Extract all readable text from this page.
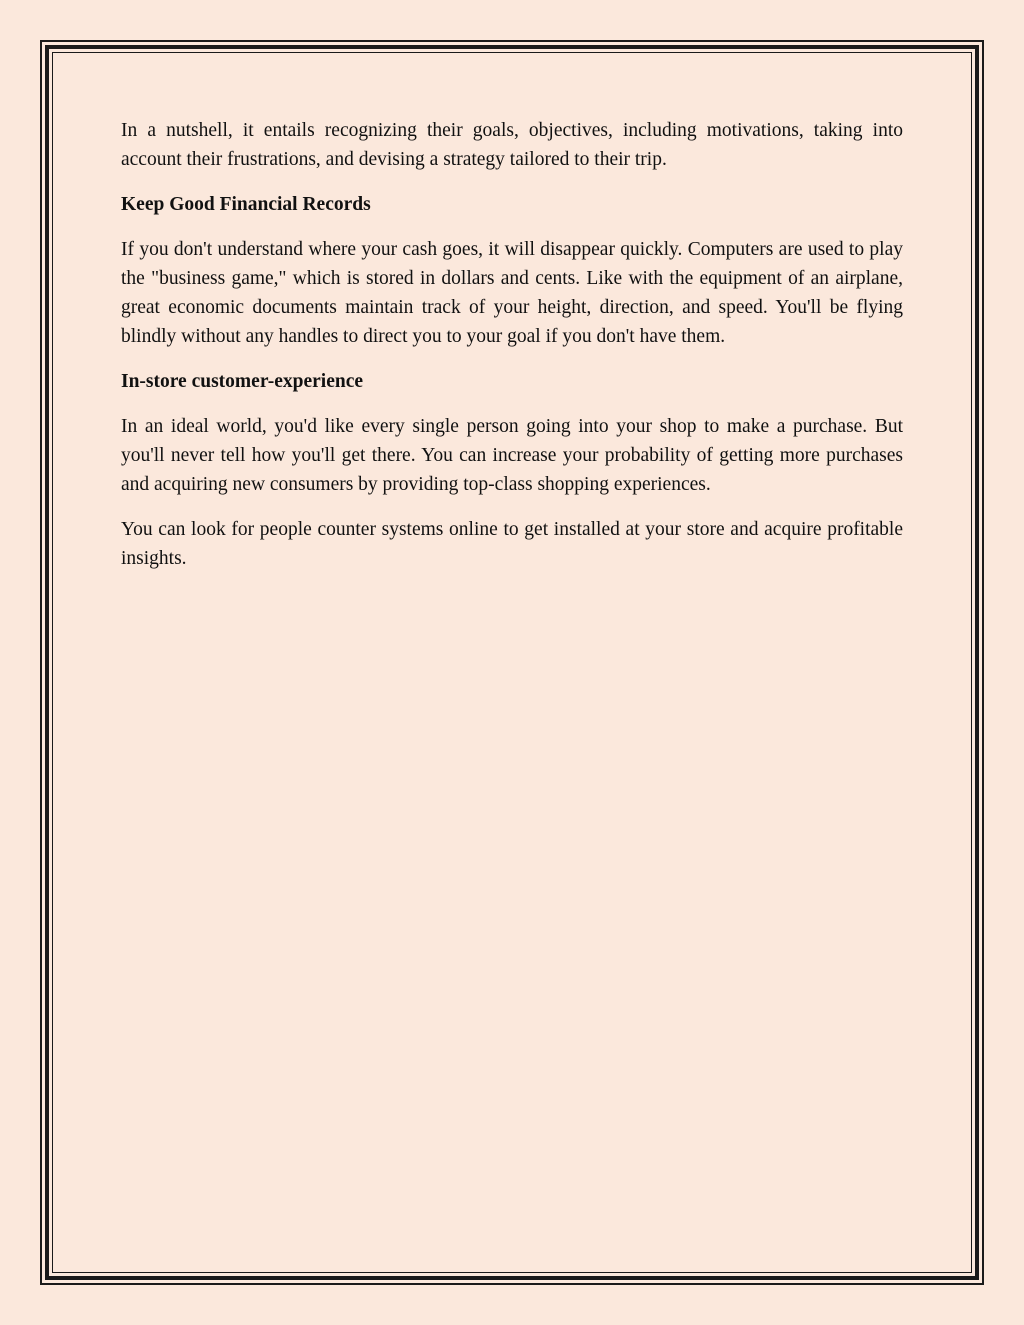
In a nutshell, it entails recognizing their goals, objectives, including motivations, taking into account their frustrations, and devising a strategy tailored to their trip.

Keep Good Financial Records

If you don't understand where your cash goes, it will disappear quickly. Computers are used to play the "business game," which is stored in dollars and cents. Like with the equipment of an airplane, great economic documents maintain track of your height, direction, and speed. You'll be flying blindly without any handles to direct you to your goal if you don't have them.

In-store customer-experience

In an ideal world, you'd like every single person going into your shop to make a purchase. But you'll never tell how you'll get there. You can increase your probability of getting more purchases and acquiring new consumers by providing top-class shopping experiences.

You can look for people counter systems online to get installed at your store and acquire profitable insights.
